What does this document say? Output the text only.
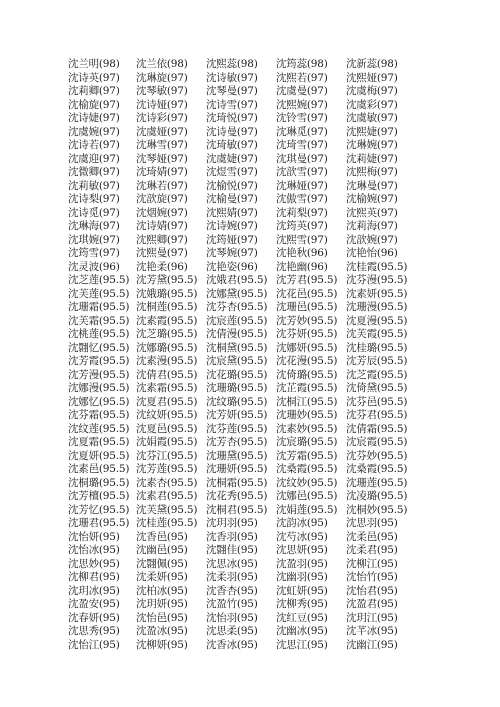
沈兰明(98)	沈兰依(98)	沈熙蕊(98)	沈筠蕊(98)	沈新蕊(98)
沈诗英(97)	沈琳旋(97)	沈诗敏(97)	沈熙若(97)	沈熙娅(97)
沈莉卿(97)	沈琴敏(97)	沈琴曼(97)	沈虞曼(97)	沈虞梅(97)
沈榆旋(97)	沈诗娅(97)	沈诗雪(97)	沈熙婉(97)	沈虞彩(97)
沈诗婕(97)	沈诗彩(97)	沈琦悦(97)	沈铃雪(97)	沈虞敏(97)
沈虞婉(97)	沈虞娅(97)	沈诗曼(97)	沈琳觅(97)	沈熙婕(97)
沈诗若(97)	沈琳雪(97)	沈琦敏(97)	沈琦雪(97)	沈琳婉(97)
沈虞迎(97)	沈琴娅(97)	沈虞婕(97)	沈琪曼(97)	沈莉婕(97)
沈微卿(97)	沈琦婧(97)	沈煜雪(97)	沈歆雪(97)	沈熙梅(97)
沈莉敏(97)	沈琳若(97)	沈榆悦(97)	沈琳娅(97)	沈琳曼(97)
沈诗梨(97)	沈歆旋(97)	沈榆曼(97)	沈傲雪(97)	沈榆婉(97)
沈诗觅(97)	沈烟婉(97)	沈熙婧(97)	沈莉梨(97)	沈熙英(97)
沈琳海(97)	沈诗婧(97)	沈诗婉(97)	沈筠英(97)	沈莉海(97)
沈琪婉(97)	沈熙卿(97)	沈筠娅(97)	沈熙雪(97)	沈歆婉(97)
沈筠雪(97)	沈熙曼(97)	沈琴婉(97)	沈艳秋(96)	沈艳怡(96)
沈灵波(96)	沈艳柔(96)	沈艳姿(96)	沈艳幽(96)	沈桂霞(95.5)
沈芝莲(95.5) 沈芳黛(95.5) 沈娥君(95.5) 沈芳君(95.5) 沈芬漫(95.5)
沈芙莲(95.5) 沈娥璐(95.5) 沈娜黛(95.5) 沈花邑(95.5) 沈素妍(95.5)
沈珊霜(95.5) 沈桐莲(95.5) 沈芬杏(95.5) 沈珊邑(95.5) 沈珊漫(95.5)
沈芙霜(95.5) 沈素霞(95.5) 沈宸莲(95.5) 沈芳妙(95.5) 沈夏漫(95.5)
沈桃莲(95.5) 沈芝璐(95.5) 沈倩漫(95.5) 沈芬妍(95.5) 沈芙霞(95.5)
沈翾忆(95.5) 沈娜璐(95.5) 沈桐黛(95.5) 沈娜妍(95.5) 沈桂璐(95.5)
沈芳霞(95.5) 沈素漫(95.5) 沈宸黛(95.5) 沈花漫(95.5) 沈芳辰(95.5)
沈芳漫(95.5) 沈倩君(95.5) 沈花璐(95.5) 沈倚璐(95.5) 沈芝霞(95.5)
沈娜漫(95.5) 沈素霜(95.5) 沈珊璐(95.5) 沈芷霞(95.5) 沈倚黛(95.5)
沈娜忆(95.5) 沈夏君(95.5) 沈纹璐(95.5) 沈桐江(95.5) 沈芬邑(95.5)
沈芬霜(95.5) 沈纹妍(95.5) 沈芳妍(95.5) 沈珊妙(95.5) 沈芬君(95.5)
沈纹莲(95.5) 沈夏邑(95.5) 沈芬莲(95.5) 沈素妙(95.5) 沈倩霜(95.5)
沈夏霜(95.5) 沈娟霞(95.5) 沈芳杏(95.5) 沈宸璐(95.5) 沈宸霞(95.5)
沈夏妍(95.5) 沈芬江(95.5) 沈珊黛(95.5) 沈芳霜(95.5) 沈芬妙(95.5)
沈素邑(95.5) 沈芳莲(95.5) 沈珊妍(95.5) 沈桑霞(95.5) 沈桑霞(95.5)
沈桐璐(95.5) 沈素杏(95.5) 沈桐霜(95.5) 沈纹妙(95.5) 沈珊莲(95.5)
沈芳檀(95.5) 沈素君(95.5) 沈花秀(95.5) 沈娜邑(95.5) 沈凌璐(95.5)
沈芳忆(95.5) 沈芙黛(95.5) 沈桐君(95.5) 沈娟莲(95.5) 沈桐妙(95.5)
沈珊君(95.5) 沈桂莲(95.5) 沈玥羽(95)	沈韵冰(95)	沈思羽(95)
沈怡妍(95)	沈香邑(95)	沈香羽(95)	沈芍冰(95)	沈柔邑(95)
沈怡冰(95)	沈幽邑(95)	沈翾佳(95)	沈思妍(95)	沈柔君(95)
沈思妙(95)	沈翾佩(95)	沈思冰(95)	沈盈羽(95)	沈柳江(95)
沈柳君(95)	沈柔妍(95)	沈柔羽(95)	沈幽羽(95)	沈怡竹(95)
沈玥冰(95)	沈柏冰(95)	沈香杏(95)	沈虹妍(95)	沈怡君(95)
沈盈安(95)	沈玥妍(95)	沈盈竹(95)	沈柳秀(95)	沈盈君(95)
沈春妍(95)	沈怡邑(95)	沈怡羽(95)	沈红豆(95)	沈玥江(95)
沈思秀(95)	沈盈冰(95)	沈思柔(95)	沈幽冰(95)	沈芊冰(95)
沈怡江(95)	沈柳妍(95)	沈香冰(95)	沈思江(95)	沈幽江(95)
